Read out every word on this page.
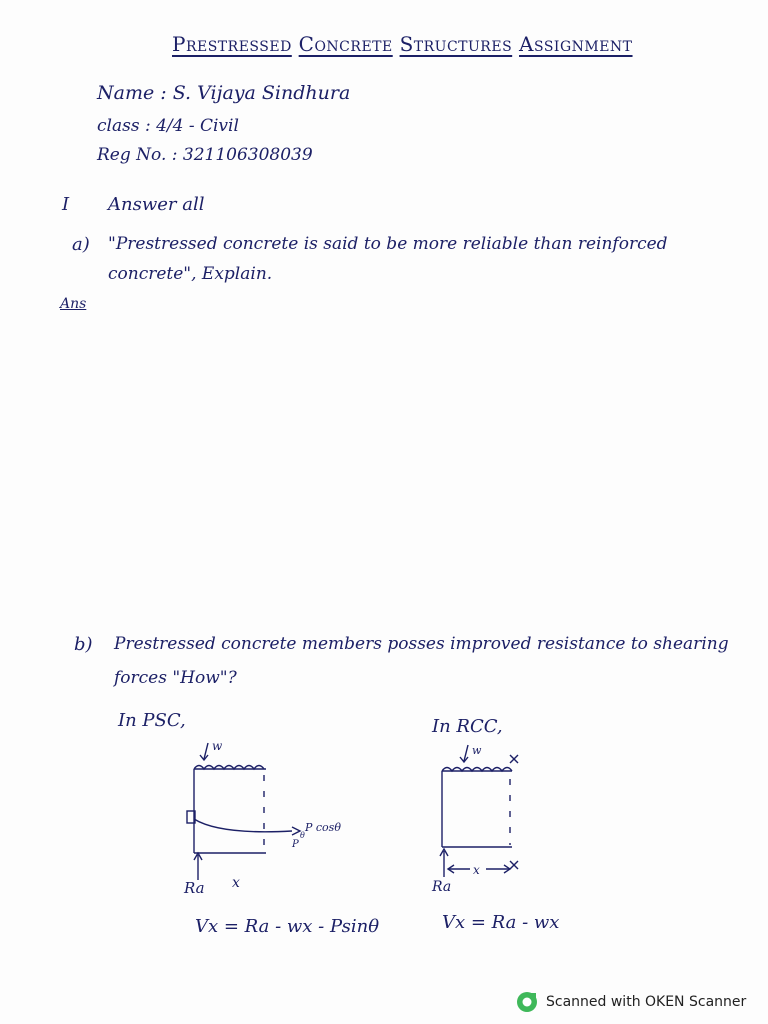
Prestressed Concrete Structures Assignment
Name : S. Vijaya Sindhura
class : 4/4 - Civil
Reg No. : 321106308039
I Answer all
a) "Prestressed concrete is said to be more reliable than reinforced
concrete", Explain.
Ans
b) Prestressed concrete members posses improved resistance to shearing
forces "How"?
In PSC,	In RCC,
w
P cosθ
P
θ
Ra x
w
Ra
x
Vx = Ra - wx - Psinθ	Vx = Ra - wx
Scanned with OKEN Scanner
